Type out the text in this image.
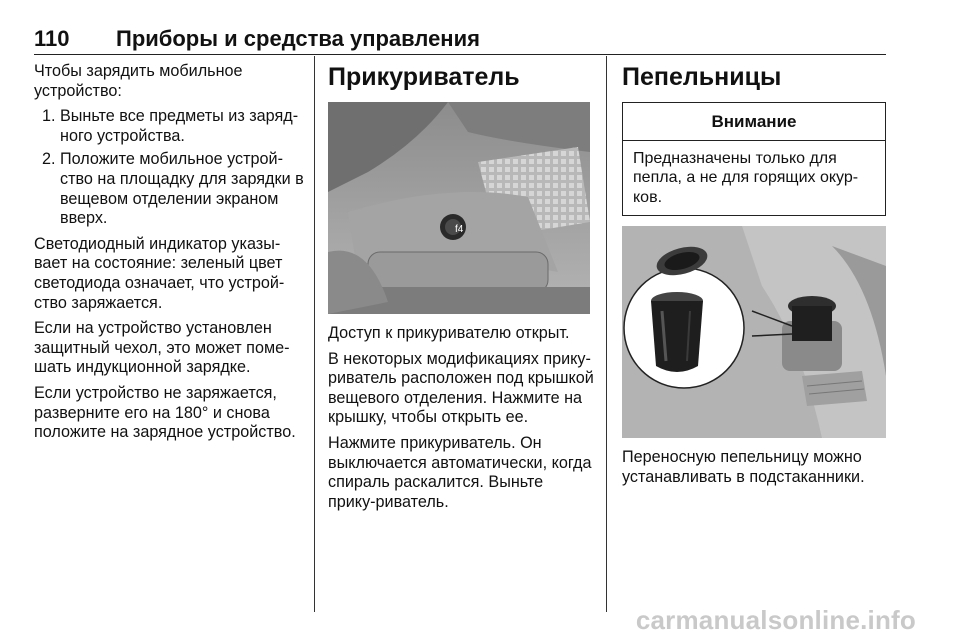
110 Приборы и средства управления

Чтобы зарядить мобильное устройство:

1. Выньте все предметы из заряд-ного устройства.
2. Положите мобильное устрой-ство на площадку для зарядки в вещевом отделении экраном вверх.

Светодиодный индикатор указы-вает на состояние: зеленый цвет светодиода означает, что устрой-ство заряжается.

Если на устройство установлен защитный чехол, это может поме-шать индукционной зарядке.

Если устройство не заряжается, разверните его на 180° и снова положите на зарядное устройство.

Прикуриватель
f4

Доступ к прикуривателю открыт.

В некоторых модификациях прику-риватель расположен под крышкой вещевого отделения. Нажмите на крышку, чтобы открыть ее.

Нажмите прикуриватель. Он выключается автоматически, когда спираль раскалится. Выньте прику-риватель.

Пепельницы
Внимание
Предназначены только для пепла, а не для горящих окур-ков.

Переносную пепельницу можно устанавливать в подстаканники.

carmanualsonline.info
